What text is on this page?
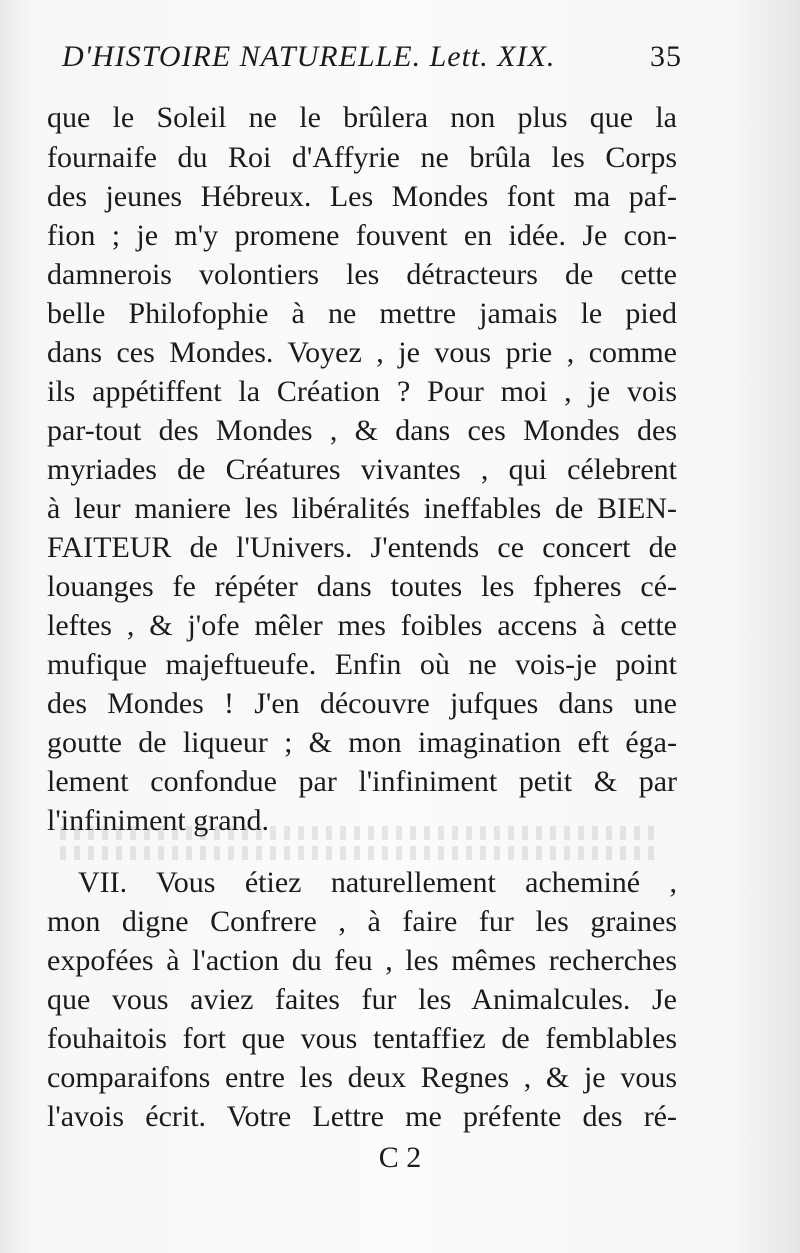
D'HISTOIRE NATURELLE. Lett. XIX.	35
que le Soleil ne le brûlera non plus que la
fournaife du Roi d'Affyrie ne brûla les Corps
des jeunes Hébreux. Les Mondes font ma paf-
fion ; je m'y promene fouvent en idée. Je con-
damnerois volontiers les détracteurs de cette
belle Philofophie à ne mettre jamais le pied
dans ces Mondes. Voyez , je vous prie , comme
ils appétiffent la Création ? Pour moi , je vois
par-tout des Mondes , & dans ces Mondes des
myriades de Créatures vivantes , qui célebrent
à leur maniere les libéralités ineffables de BIEN-
FAITEUR de l'Univers. J'entends ce concert de
louanges fe répéter dans toutes les fpheres cé-
leftes , & j'ofe mêler mes foibles accens à cette
mufique majeftueufe. Enfin où ne vois-je point
des Mondes ! J'en découvre jufques dans une
goutte de liqueur ; & mon imagination eft éga-
lement confondue par l'infiniment petit & par
l'infiniment grand.
VII. Vous étiez naturellement acheminé ,
mon digne Confrere , à faire fur les graines
expofées à l'action du feu , les mêmes recherches
que vous aviez faites fur les Animalcules. Je
fouhaitois fort que vous tentaffiez de femblables
comparaifons entre les deux Regnes , & je vous
l'avois écrit. Votre Lettre me préfente des ré-
C 2
